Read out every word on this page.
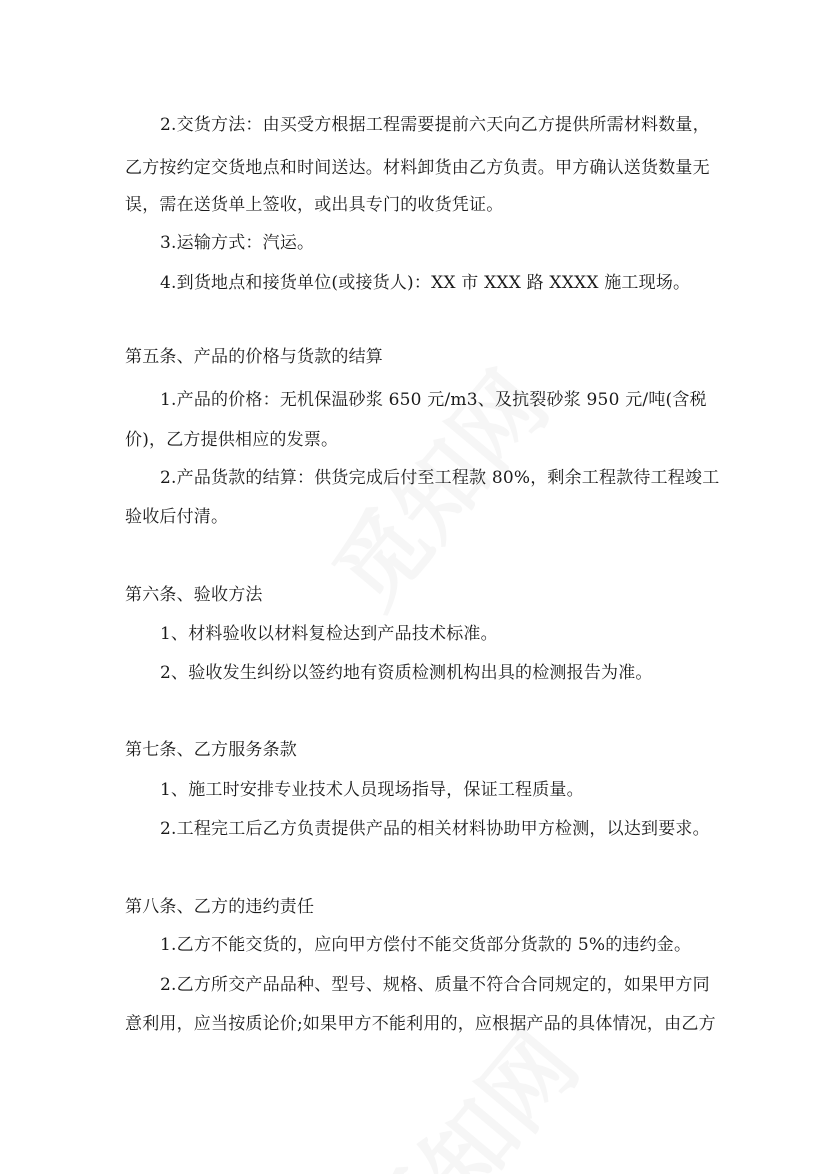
2.交货方法：由买受方根据工程需要提前六天向乙方提供所需材料数量，
乙方按约定交货地点和时间送达。材料卸货由乙方负责。甲方确认送货数量无
误，需在送货单上签收，或出具专门的收货凭证。
3.运输方式：汽运。
4.到货地点和接货单位(或接货人)：XX 市 XXX 路 XXXX 施工现场。
第五条、产品的价格与货款的结算
1.产品的价格：无机保温砂浆 650 元/m3、及抗裂砂浆 950 元/吨(含税
价)，乙方提供相应的发票。
2.产品货款的结算：供货完成后付至工程款 80%，剩余工程款待工程竣工
验收后付清。
第六条、验收方法
1、材料验收以材料复检达到产品技术标准。
2、验收发生纠纷以签约地有资质检测机构出具的检测报告为准。
第七条、乙方服务条款
1、施工时安排专业技术人员现场指导，保证工程质量。
2.工程完工后乙方负责提供产品的相关材料协助甲方检测，以达到要求。
第八条、乙方的违约责任
1.乙方不能交货的，应向甲方偿付不能交货部分货款的 5%的违约金。
2.乙方所交产品品种、型号、规格、质量不符合合同规定的，如果甲方同
意利用，应当按质论价;如果甲方不能利用的，应根据产品的具体情况，由乙方
